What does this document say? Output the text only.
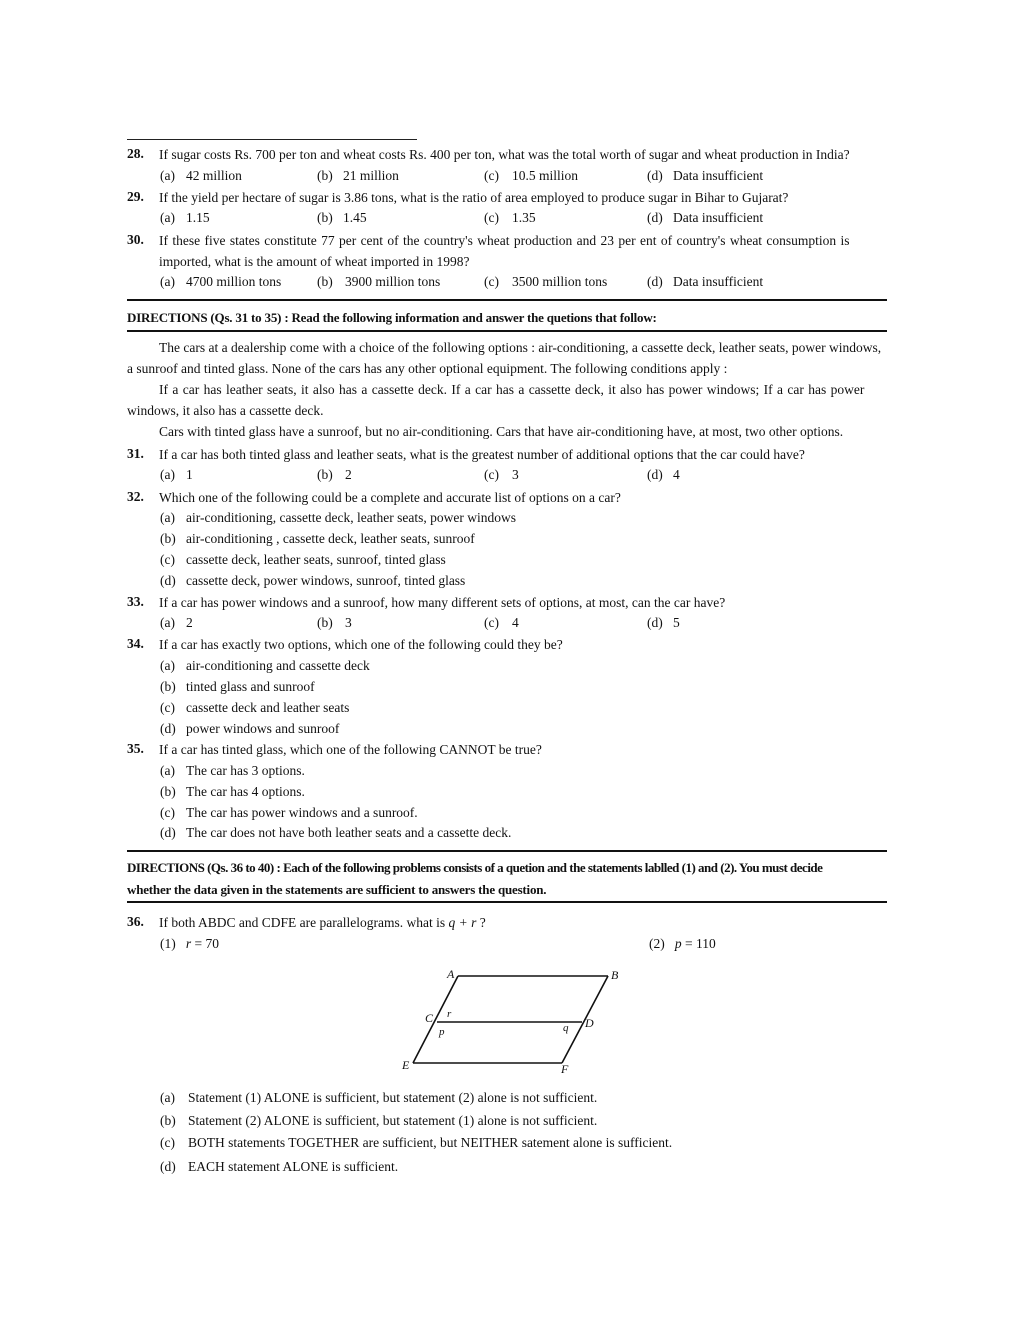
28. If sugar costs Rs. 700 per ton and wheat costs Rs. 400 per ton, what was the total worth of sugar and wheat production in India?
(a) 42 million	(b) 21 million	(c) 10.5 million	(d) Data insufficient
29. If the yield per hectare of sugar is 3.86 tons, what is the ratio of area employed to produce sugar in Bihar to Gujarat?
(a) 1.15	(b) 1.45	(c) 1.35	(d) Data insufficient
30. If these five states constitute 77 per cent of the country's wheat production and 23 per ent of country's wheat consumption is
imported, what is the amount of wheat imported in 1998?
(a) 4700 million tons	(b) 3900 million tons	(c) 3500 million tons	(d) Data insufficient
DIRECTIONS (Qs. 31 to 35) : Read the following information and answer the quetions that follow:
The cars at a dealership come with a choice of the following options : air-conditioning, a cassette deck, leather seats, power windows,
a sunroof and tinted glass. None of the cars has any other optional equipment. The following conditions apply :
If a car has leather seats, it also has a cassette deck. If a car has a cassette deck, it also has power windows; If a car has power
windows, it also has a cassette deck.
Cars with tinted glass have a sunroof, but no air-conditioning. Cars that have air-conditioning have, at most, two other options.
31. If a car has both tinted glass and leather seats, what is the greatest number of additional options that the car could have?
(a) 1	(b) 2	(c) 3	(d) 4
32. Which one of the following could be a complete and accurate list of options on a car?
(a) air-conditioning, cassette deck, leather seats, power windows
(b) air-conditioning , cassette deck, leather seats, sunroof
(c) cassette deck, leather seats, sunroof, tinted glass
(d) cassette deck, power windows, sunroof, tinted glass
33. If a car has power windows and a sunroof, how many different sets of options, at most, can the car have?
(a) 2	(b) 3	(c) 4	(d) 5
34. If a car has exactly two options, which one of the following could they be?
(a) air-conditioning and cassette deck
(b) tinted glass and sunroof
(c) cassette deck and leather seats
(d) power windows and sunroof
35. If a car has tinted glass, which one of the following CANNOT be true?
(a) The car has 3 options.
(b) The car has 4 options.
(c) The car has power windows and a sunroof.
(d) The car does not have both leather seats and a cassette deck.
DIRECTIONS (Qs. 36 to 40) : Each of the following problems consists of a quetion and the statements lablled (1) and (2). You must decide
whether the data given in the statements are sufficient to answers the question.
36. If both ABDC and CDFE are parallelograms. what is q + r ?
(1) r = 70	(2) p = 110
A	B
C	D
E	F
p	q
r
(a) Statement (1) ALONE is sufficient, but statement (2) alone is not sufficient.
(b) Statement (2) ALONE is sufficient, but statement (1) alone is not sufficient.
(c) BOTH statements TOGETHER are sufficient, but NEITHER satement alone is sufficient.
(d) EACH statement ALONE is sufficient.
